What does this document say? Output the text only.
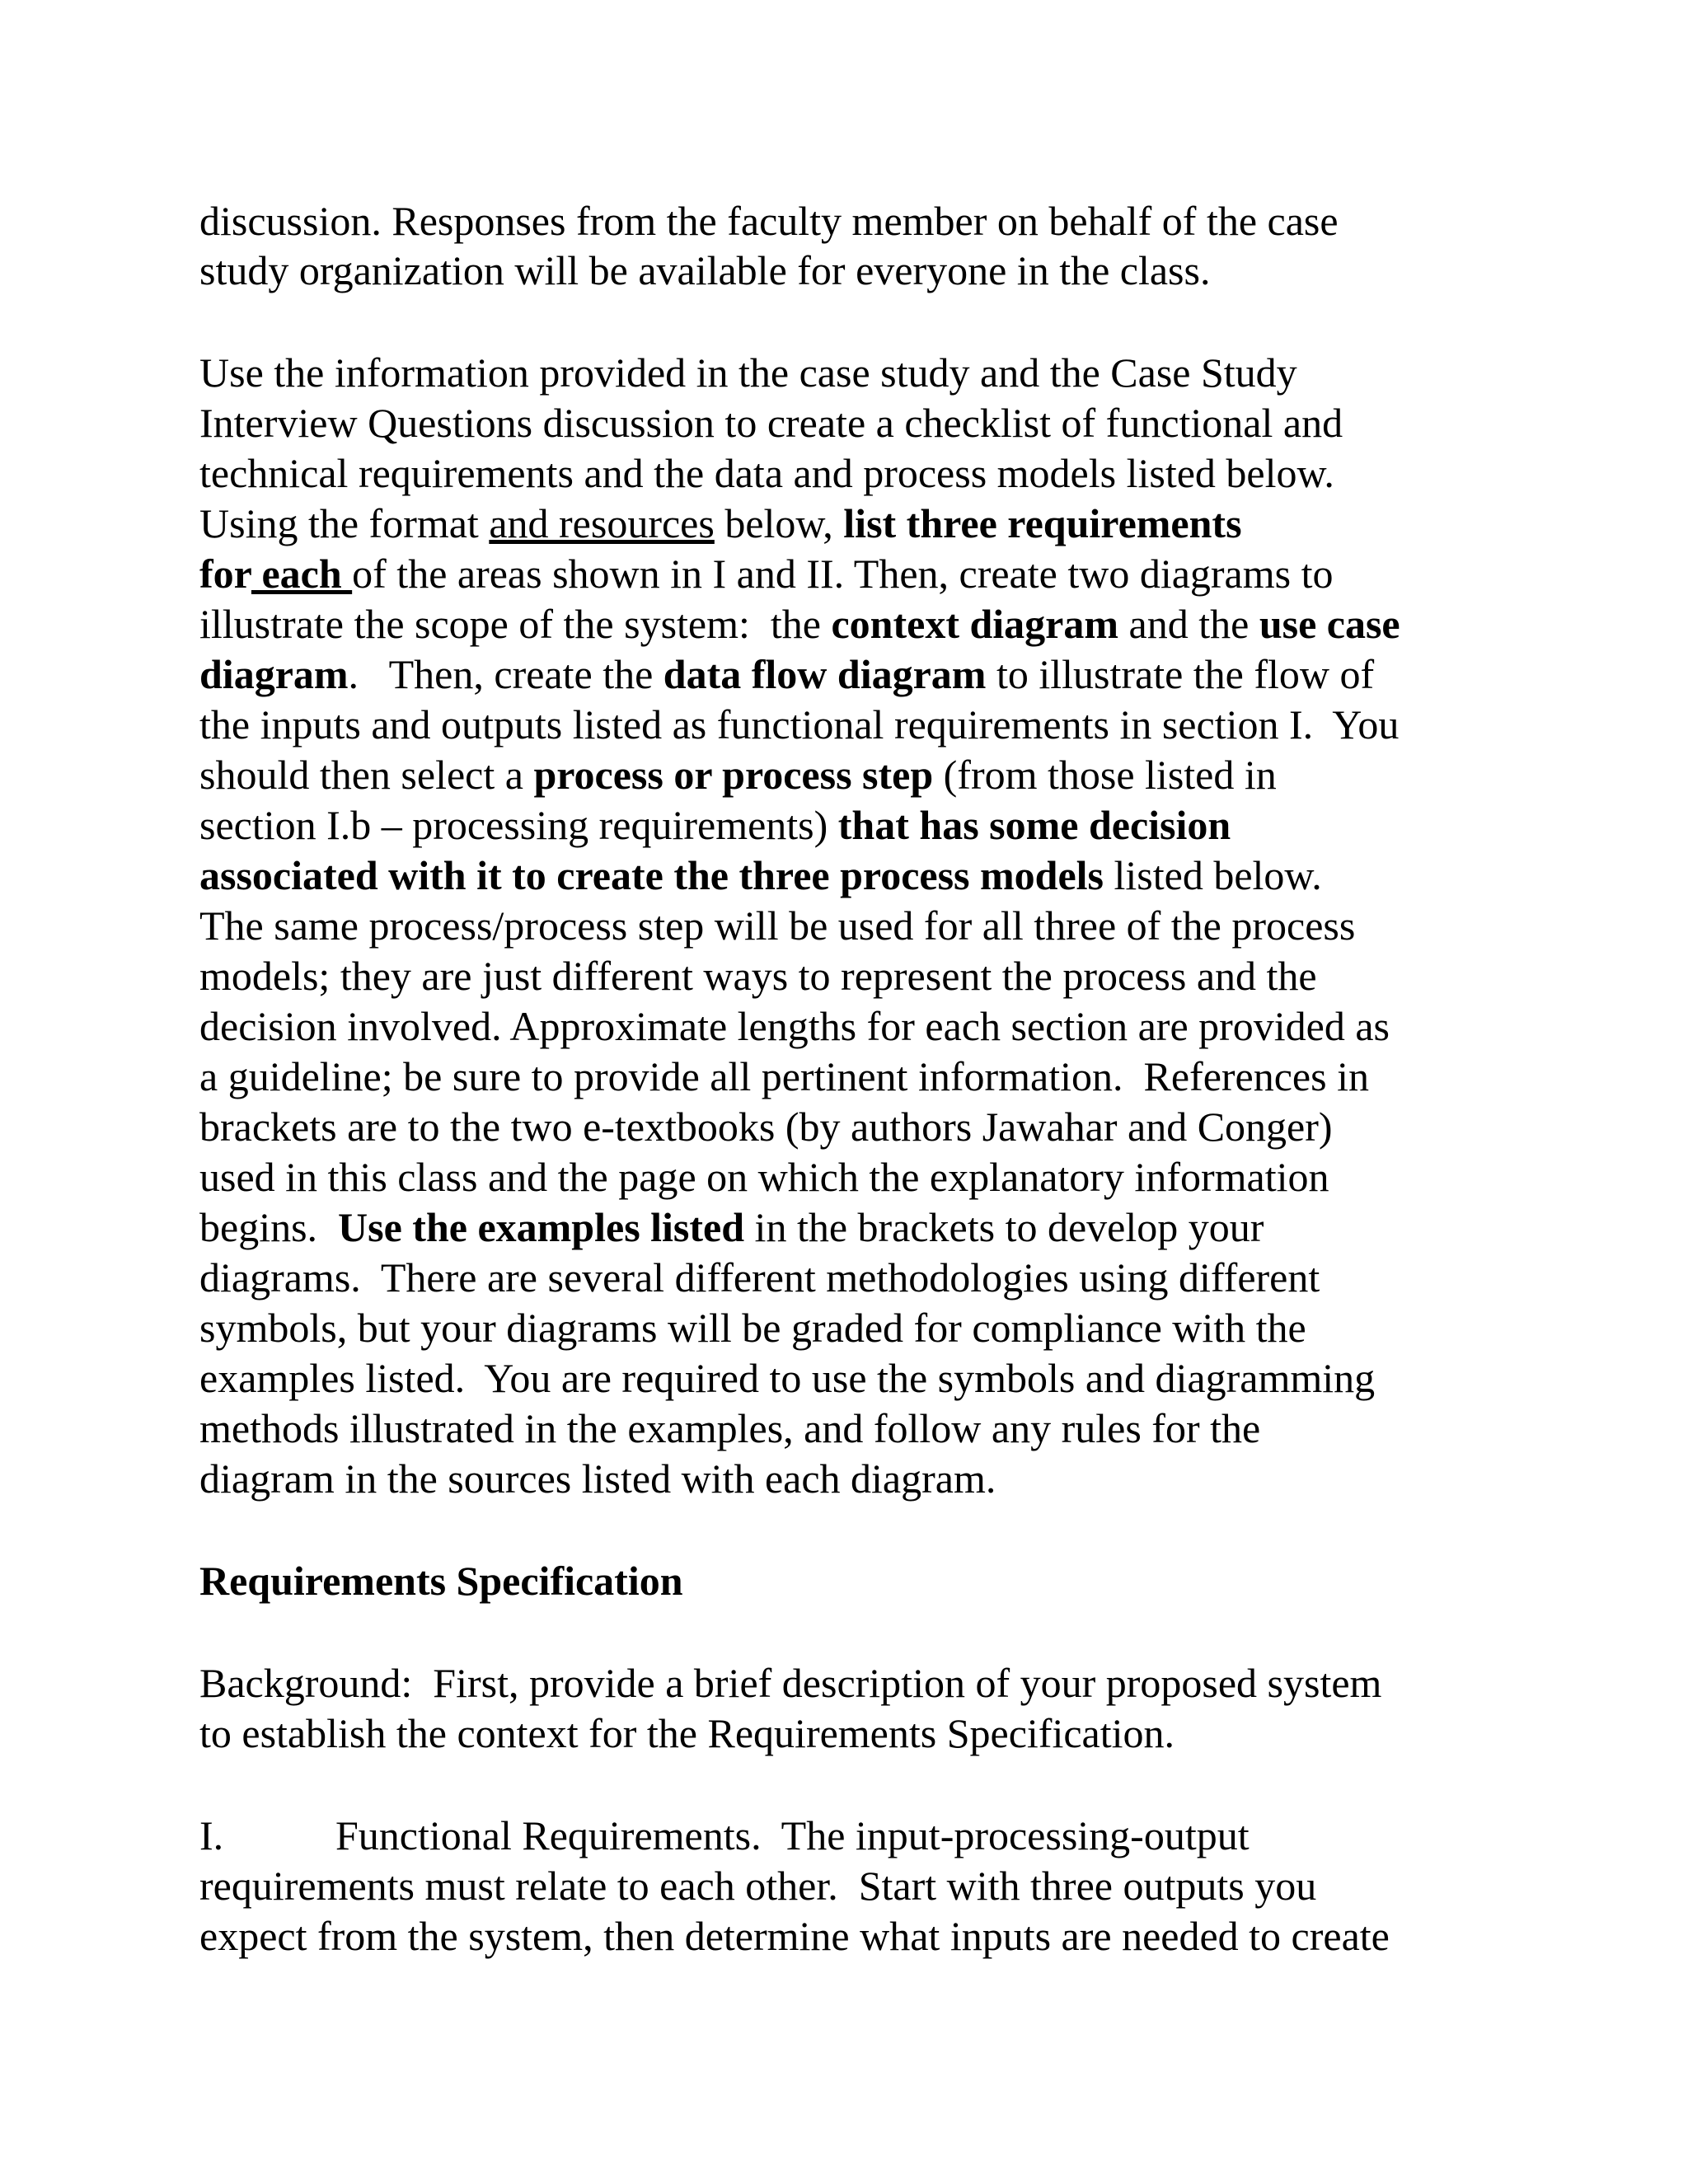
discussion. Responses from the faculty member on behalf of the case

study organization will be available for everyone in the class.

Use the information provided in the case study and the Case Study

Interview Questions discussion to create a checklist of functional and

technical requirements and the data and process models listed below.

Using the format and resources below, list three requirements

for each of the areas shown in I and II. Then, create two diagrams to

illustrate the scope of the system:  the context diagram and the use case

diagram.   Then, create the data flow diagram to illustrate the flow of

the inputs and outputs listed as functional requirements in section I.  You

should then select a process or process step (from those listed in

section I.b – processing requirements) that has some decision

associated with it to create the three process models listed below.

The same process/process step will be used for all three of the process

models; they are just different ways to represent the process and the

decision involved. Approximate lengths for each section are provided as

a guideline; be sure to provide all pertinent information.  References in

brackets are to the two e-textbooks (by authors Jawahar and Conger)

used in this class and the page on which the explanatory information

begins.  Use the examples listed in the brackets to develop your

diagrams.  There are several different methodologies using different

symbols, but your diagrams will be graded for compliance with the

examples listed.  You are required to use the symbols and diagramming

methods illustrated in the examples, and follow any rules for the

diagram in the sources listed with each diagram.

Requirements Specification

Background:  First, provide a brief description of your proposed system

to establish the context for the Requirements Specification.

I.	Functional Requirements.  The input-processing-output

requirements must relate to each other.  Start with three outputs you

expect from the system, then determine what inputs are needed to create
